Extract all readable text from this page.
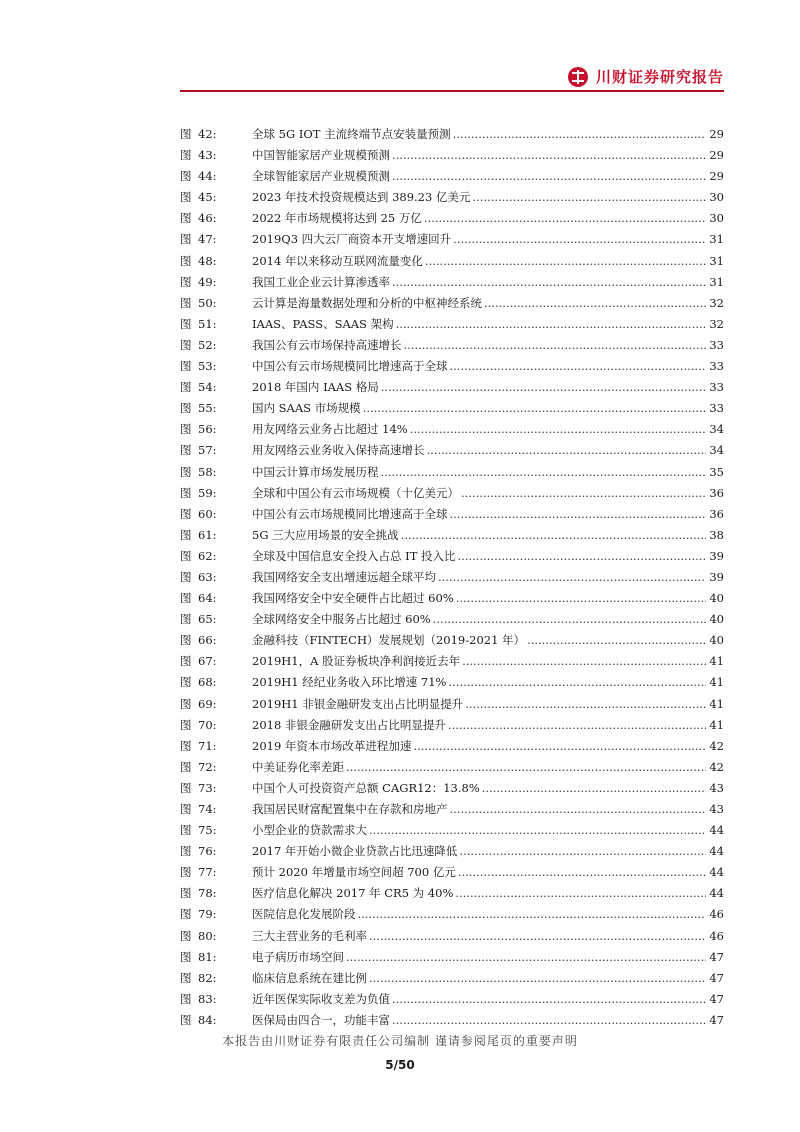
川财证券研究报告
图 42:	全球 5G IOT 主流终端节点安装量预测 .....	29
图 43:	中国智能家居产业规模预测 .....	29
图 44:	全球智能家居产业规模预测 .....	29
图 45:	2023 年技术投资规模达到 389.23 亿美元 .....	30
图 46:	2022 年市场规模将达到 25 万亿 .....	30
图 47:	2019Q3 四大云厂商资本开支增速回升 .....	31
图 48:	2014 年以来移动互联网流量变化 .....	31
图 49:	我国工业企业云计算渗透率 .....	31
图 50:	云计算是海量数据处理和分析的中枢神经系统 .....	32
图 51:	IAAS、PASS、SAAS 架构 .....	32
图 52:	我国公有云市场保持高速增长 .....	33
图 53:	中国公有云市场规模同比增速高于全球 .....	33
图 54:	2018 年国内 IAAS 格局 .....	33
图 55:	国内 SAAS 市场规模 .....	33
图 56:	用友网络云业务占比超过 14% .....	34
图 57:	用友网络云业务收入保持高速增长 .....	34
图 58:	中国云计算市场发展历程 .....	35
图 59:	全球和中国公有云市场规模（十亿美元） .....	36
图 60:	中国公有云市场规模同比增速高于全球 .....	36
图 61:	5G 三大应用场景的安全挑战 .....	38
图 62:	全球及中国信息安全投入占总 IT 投入比 .....	39
图 63:	我国网络安全支出增速远超全球平均 .....	39
图 64:	我国网络安全中安全硬件占比超过 60% .....	40
图 65:	全球网络安全中服务占比超过 60% .....	40
图 66:	金融科技（FINTECH）发展规划（2019-2021 年） .....	40
图 67:	2019H1，A 股证券板块净利润接近去年 .....	41
图 68:	2019H1 经纪业务收入环比增速 71% .....	41
图 69:	2019H1 非银金融研发支出占比明显提升 .....	41
图 70:	2018 非银金融研发支出占比明显提升 .....	41
图 71:	2019 年资本市场改革进程加速 .....	42
图 72:	中美证券化率差距 .....	42
图 73:	中国个人可投资资产总额 CAGR12：13.8% .....	43
图 74:	我国居民财富配置集中在存款和房地产 .....	43
图 75:	小型企业的贷款需求大 .....	44
图 76:	2017 年开始小微企业贷款占比迅速降低 .....	44
图 77:	预计 2020 年增量市场空间超 700 亿元 .....	44
图 78:	医疗信息化解决 2017 年 CR5 为 40% .....	44
图 79:	医院信息化发展阶段 .....	46
图 80:	三大主营业务的毛利率 .....	46
图 81:	电子病历市场空间 .....	47
图 82:	临床信息系统在建比例 .....	47
图 83:	近年医保实际收支差为负值 .....	47
图 84:	医保局由四合一，功能丰富 .....	47
本报告由川财证券有限责任公司编制 谨请参阅尾页的重要声明
5/50
